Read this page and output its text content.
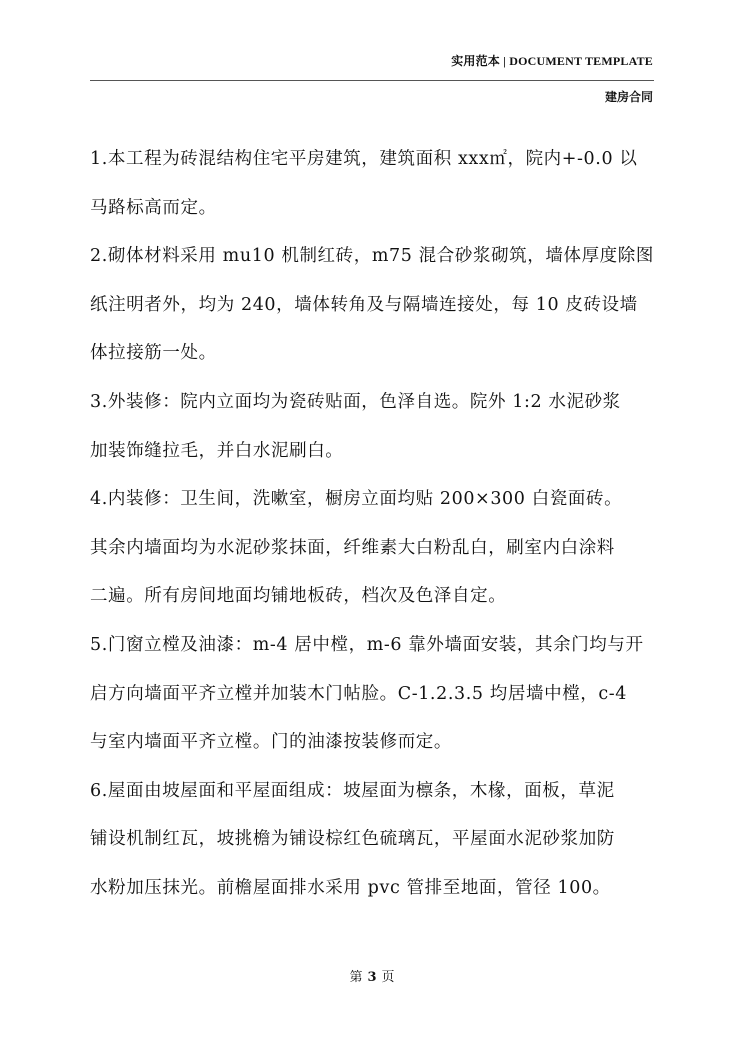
实用范本 | DOCUMENT TEMPLATE
建房合同
1.本工程为砖混结构住宅平房建筑，建筑面积 xxx㎡，院内+-0.0 以
马路标高而定。
2.砌体材料采用 mu10 机制红砖，m75 混合砂浆砌筑，墙体厚度除图
纸注明者外，均为 240，墙体转角及与隔墙连接处，每 10 皮砖设墙
体拉接筋一处。
3.外装修：院内立面均为瓷砖贴面，色泽自选。院外 1:2 水泥砂浆
加装饰缝拉毛，并白水泥刷白。
4.内装修：卫生间，洗嗽室，橱房立面均贴 200×300 白瓷面砖。
其余内墙面均为水泥砂浆抹面，纤维素大白粉乱白，刷室内白涂料
二遍。所有房间地面均铺地板砖，档次及色泽自定。
5.门窗立樘及油漆：m-4 居中樘，m-6 靠外墙面安装，其余门均与开
启方向墙面平齐立樘并加装木门帖脸。C-1.2.3.5 均居墙中樘，c-4
与室内墙面平齐立樘。门的油漆按装修而定。
6.屋面由坡屋面和平屋面组成：坡屋面为檩条，木椽，面板，草泥
铺设机制红瓦，坡挑檐为铺设棕红色硫璃瓦，平屋面水泥砂浆加防
水粉加压抹光。前檐屋面排水采用 pvc 管排至地面，管径 100。
第 3 页
